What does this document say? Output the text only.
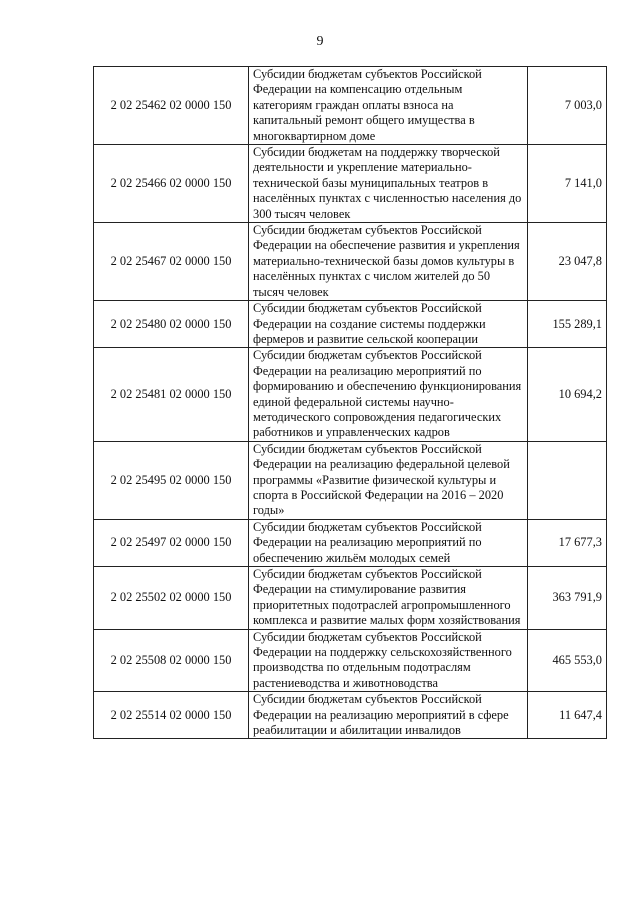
9
2 02 25462 02 0000 150	Субсидии бюджетам субъектов Российской Федерации на компенсацию отдельным категориям граждан оплаты взноса на капитальный ремонт общего имущества в многоквартирном доме	7 003,0
2 02 25466 02 0000 150	Субсидии бюджетам на поддержку творческой деятельности и укрепление материально-технической базы муниципальных театров в населённых пунктах с численностью населения до 300 тысяч человек	7 141,0
2 02 25467 02 0000 150	Субсидии бюджетам субъектов Российской Федерации на обеспечение развития и укрепления материально-технической базы домов культуры в населённых пунктах с числом жителей до 50 тысяч человек	23 047,8
2 02 25480 02 0000 150	Субсидии бюджетам субъектов Российской Федерации на создание системы поддержки фермеров и развитие сельской кооперации	155 289,1
2 02 25481 02 0000 150	Субсидии бюджетам субъектов Российской Федерации на реализацию мероприятий по формированию и обеспечению функционирования единой федеральной системы научно-методического сопровождения педагогических работников и управленческих кадров	10 694,2
2 02 25495 02 0000 150	Субсидии бюджетам субъектов Российской Федерации на реализацию федеральной целевой программы «Развитие физической культуры и спорта в Российской Федерации на 2016 – 2020 годы»	
2 02 25497 02 0000 150	Субсидии бюджетам субъектов Российской Федерации на реализацию мероприятий по обеспечению жильём молодых семей	17 677,3
2 02 25502 02 0000 150	Субсидии бюджетам субъектов Российской Федерации на стимулирование развития приоритетных подотраслей агропромышленного комплекса и развитие малых форм хозяйствования	363 791,9
2 02 25508 02 0000 150	Субсидии бюджетам субъектов Российской Федерации на поддержку сельскохозяйственного производства по отдельным подотраслям растениеводства и животноводства	465 553,0
2 02 25514 02 0000 150	Субсидии бюджетам субъектов Российской Федерации на реализацию мероприятий в сфере реабилитации и абилитации инвалидов	11 647,4
